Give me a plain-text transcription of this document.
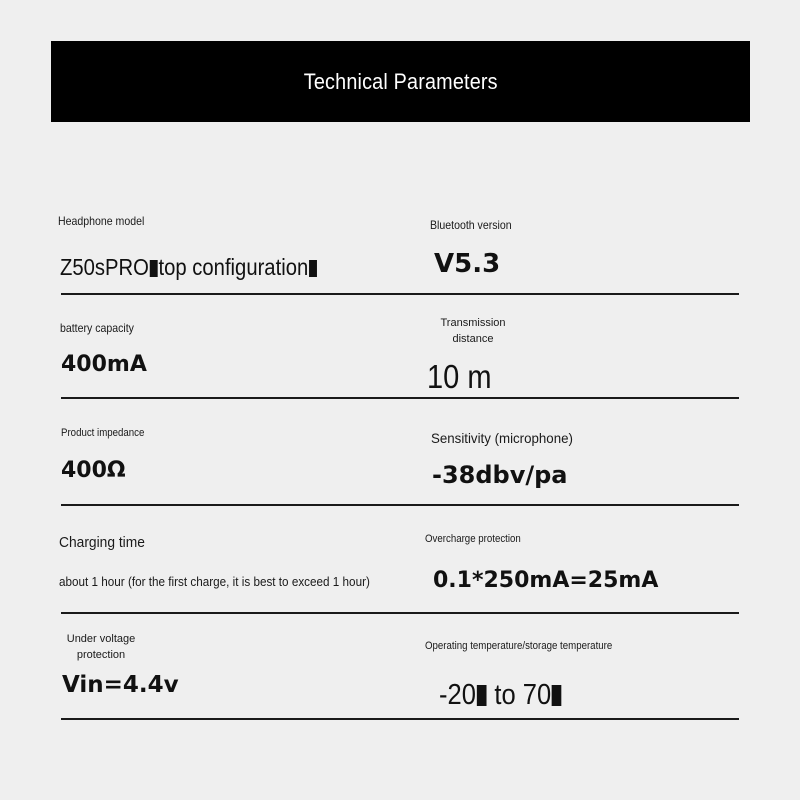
Technical Parameters
Headphone model
Z50sPRO top configuration
Bluetooth version
V5.3
battery capacity
400mA
Transmission
distance
10 m
Product impedance
400Ω
Sensitivity (microphone)
-38dbv/pa
Charging time
about 1 hour (for the first charge, it is best to exceed 1 hour)
Overcharge protection
0.1*250mA=25mA
Under voltage
protection
Vin=4.4v
Operating temperature/storage temperature
-20 to 70
